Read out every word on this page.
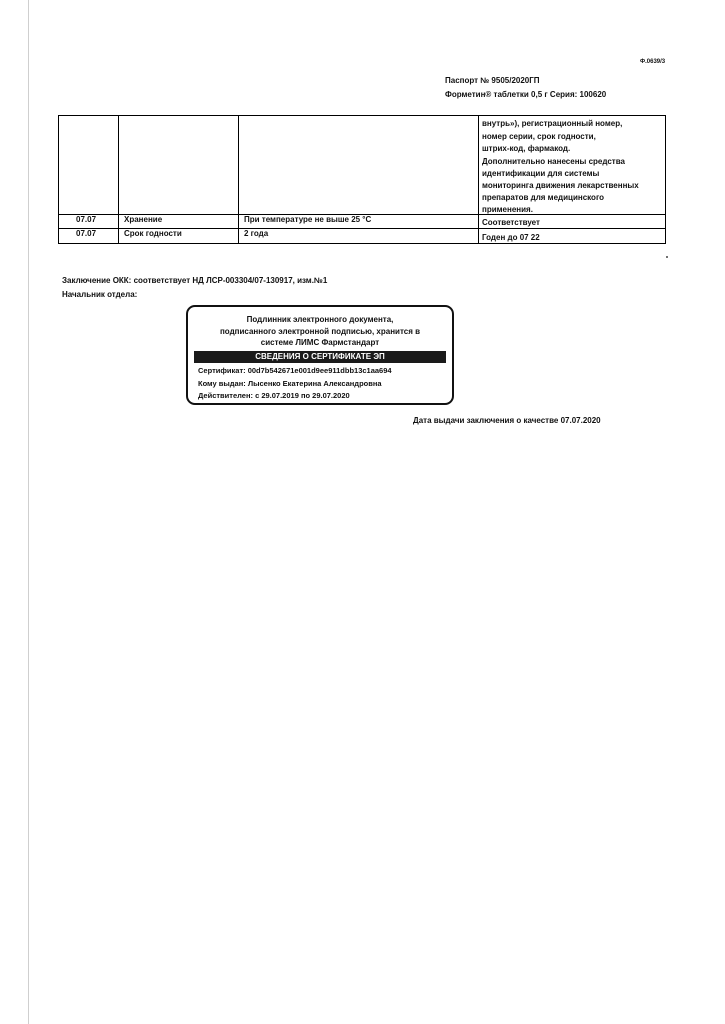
Ф.0639/3
Паспорт № 9505/2020ГП
Форметин® таблетки 0,5 г Серия: 100620
внутрь»), регистрационный номер,
номер серии, срок годности,
штрих-код, фармакод.
Дополнительно нанесены средства
идентификации для системы
мониторинга движения лекарственных
препаратов для медицинского
применения.
07.07	Хранение	При температуре не выше 25 °С	Соответствует
07.07	Срок годности	2 года	Годен до 07 22
Заключение ОКК: соответствует НД ЛСР-003304/07-130917, изм.№1
Начальник отдела:
Подлинник электронного документа,
подписанного электронной подписью, хранится в
системе ЛИМС Фармстандарт
СВЕДЕНИЯ О СЕРТИФИКАТЕ ЭП
Сертификат: 00d7b542671e001d9ee911dbb13c1aa694
Кому выдан: Лысенко Екатерина Александровна
Действителен: с 29.07.2019 по 29.07.2020
Дата выдачи заключения о качестве 07.07.2020
